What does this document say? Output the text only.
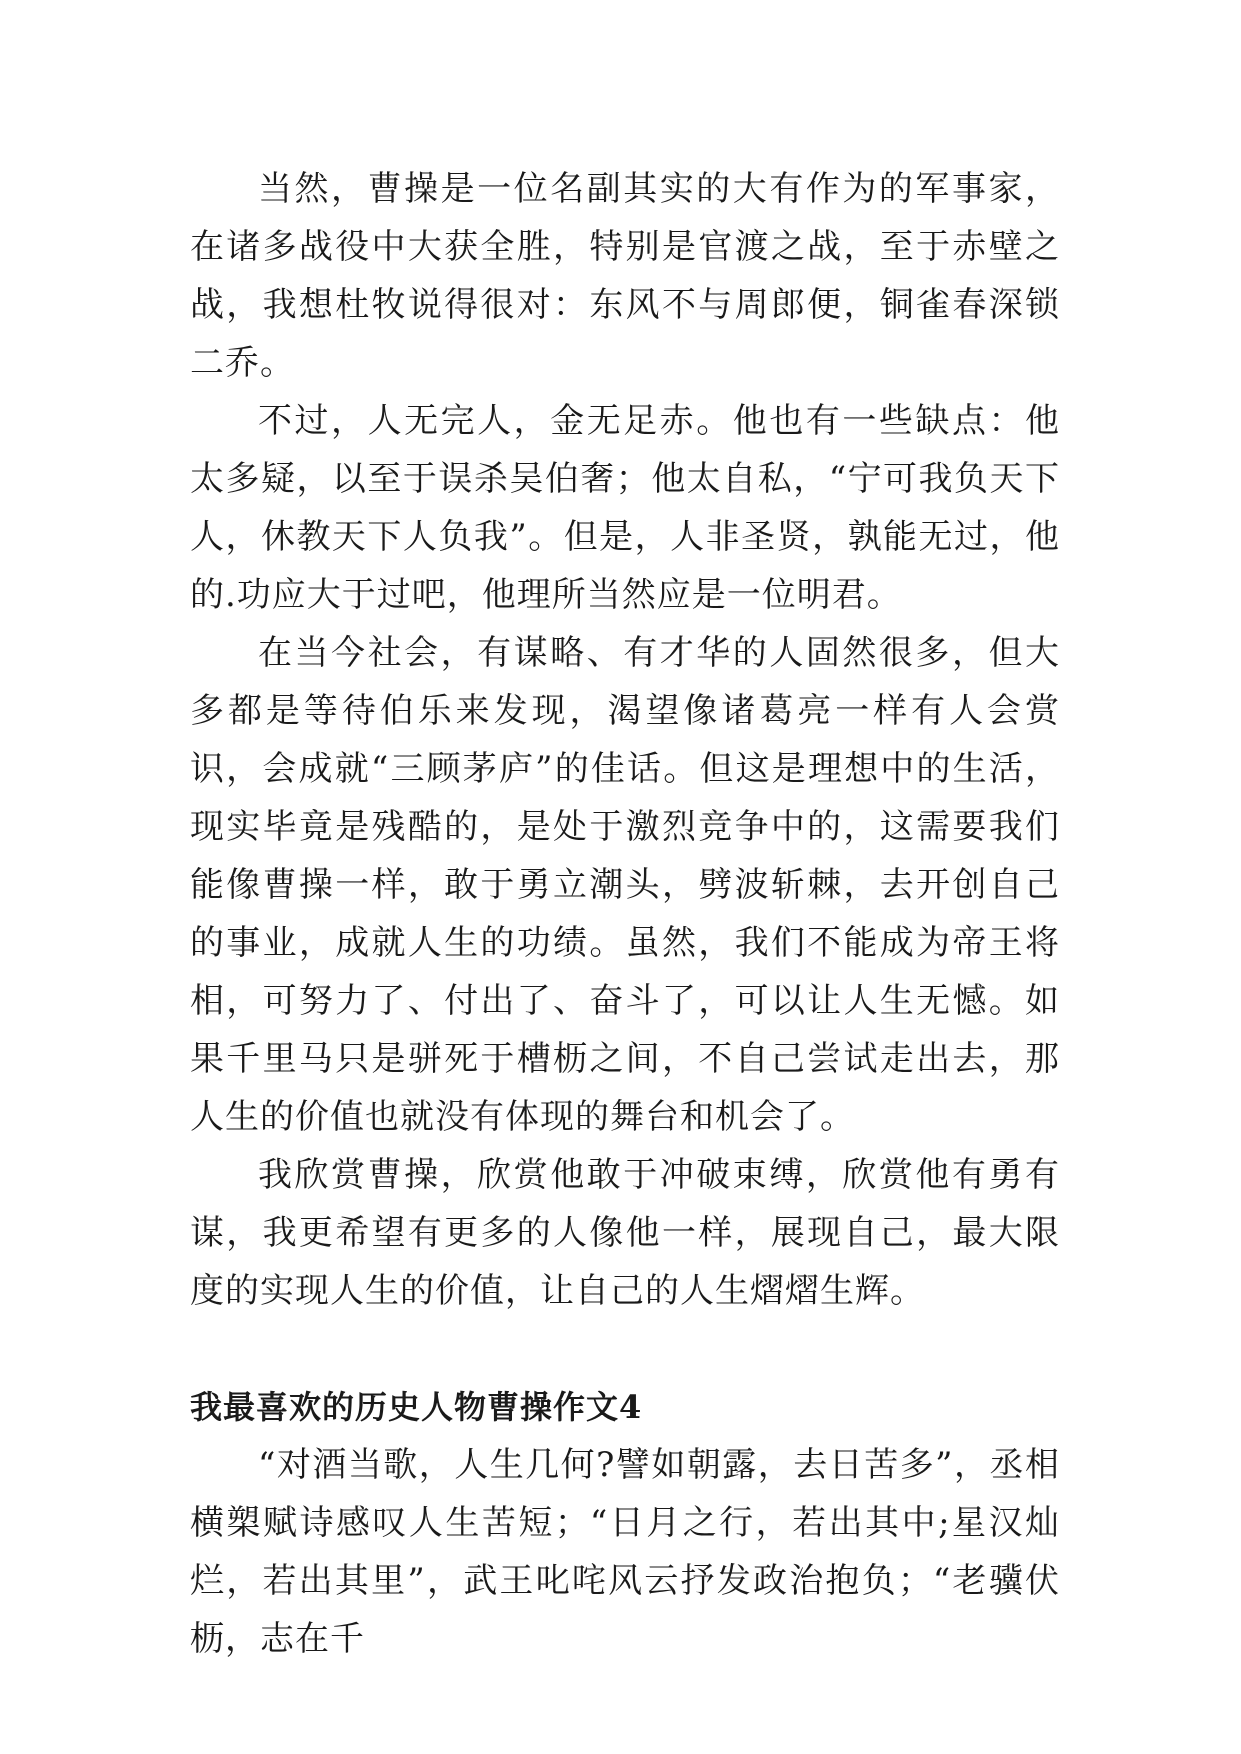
当然，曹操是一位名副其实的大有作为的军事家，在诸多战役中大获全胜，特别是官渡之战，至于赤壁之战，我想杜牧说得很对：东风不与周郎便，铜雀春深锁二乔。

不过，人无完人，金无足赤。他也有一些缺点：他太多疑，以至于误杀吴伯奢；他太自私，“宁可我负天下人，休教天下人负我”。但是，人非圣贤，孰能无过，他的.功应大于过吧，他理所当然应是一位明君。

在当今社会，有谋略、有才华的人固然很多，但大多都是等待伯乐来发现，渴望像诸葛亮一样有人会赏识，会成就“三顾茅庐”的佳话。但这是理想中的生活，现实毕竟是残酷的，是处于激烈竞争中的，这需要我们能像曹操一样，敢于勇立潮头，劈波斩棘，去开创自己的事业，成就人生的功绩。虽然，我们不能成为帝王将相，可努力了、付出了、奋斗了，可以让人生无憾。如果千里马只是骈死于槽枥之间，不自己尝试走出去，那人生的价值也就没有体现的舞台和机会了。

我欣赏曹操，欣赏他敢于冲破束缚，欣赏他有勇有谋，我更希望有更多的人像他一样，展现自己，最大限度的实现人生的价值，让自己的人生熠熠生辉。

我最喜欢的历史人物曹操作文4

“对酒当歌，人生几何?譬如朝露，去日苦多”，丞相横槊赋诗感叹人生苦短；“日月之行，若出其中;星汉灿烂，若出其里”，武王叱咤风云抒发政治抱负；“老骥伏枥，志在千
